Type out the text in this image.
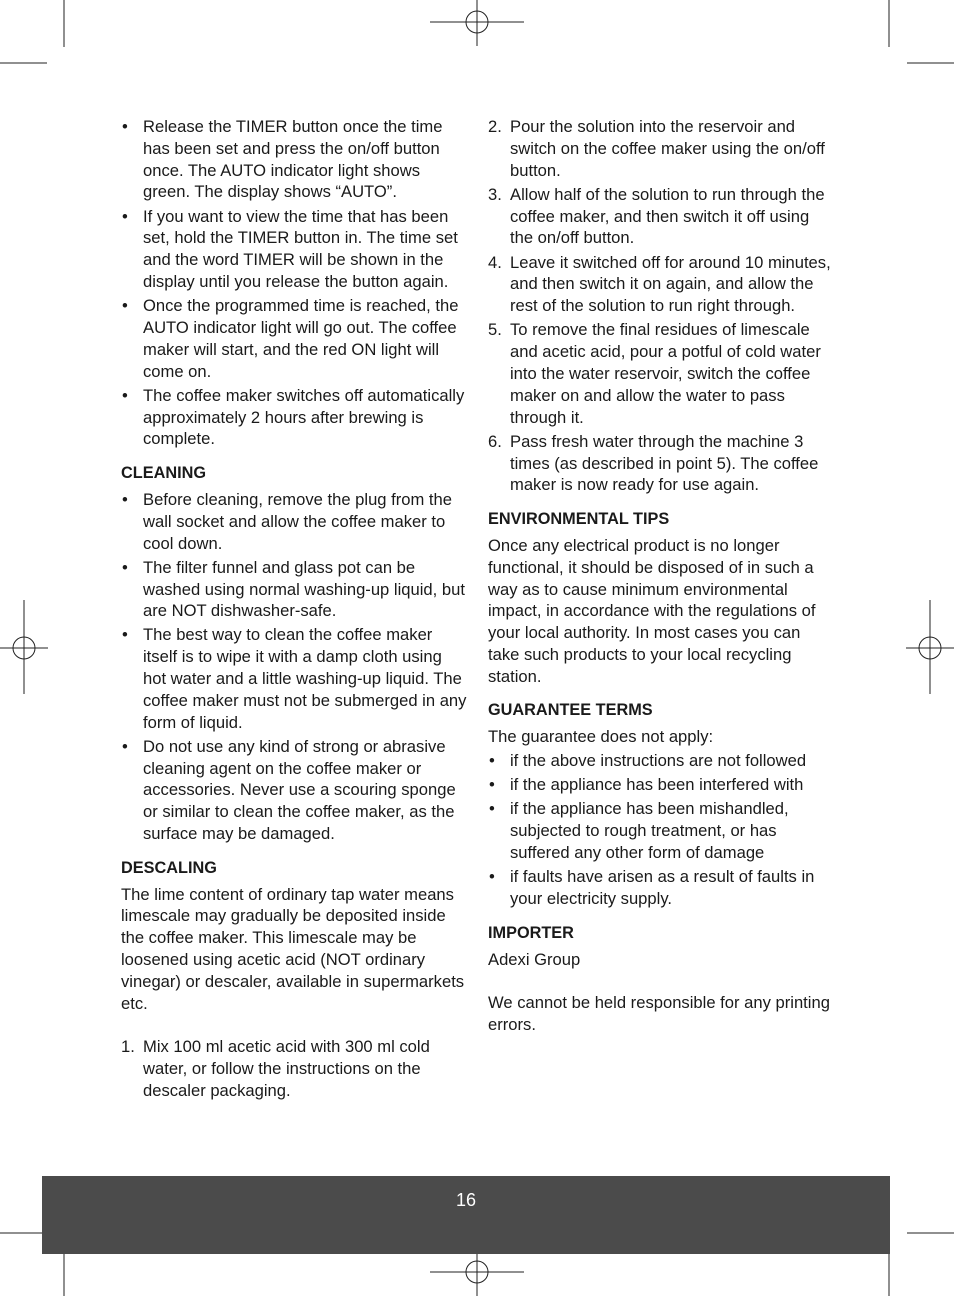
• Release the TIMER button once the time has been set and press the on/off button once. The AUTO indicator light shows green. The display shows “AUTO”.
• If you want to view the time that has been set, hold the TIMER button in. The time set and the word TIMER will be shown in the display until you release the button again.
• Once the programmed time is reached, the AUTO indicator light will go out. The coffee maker will start, and the red ON light will come on.
• The coffee maker switches off automatically approximately 2 hours after brewing is complete.
CLEANING
• Before cleaning, remove the plug from the wall socket and allow the coffee maker to cool down.
• The filter funnel and glass pot can be washed using normal washing-up liquid, but are NOT dishwasher-safe.
• The best way to clean the coffee maker itself is to wipe it with a damp cloth using hot water and a little washing-up liquid. The coffee maker must not be submerged in any form of liquid.
• Do not use any kind of strong or abrasive cleaning agent on the coffee maker or accessories. Never use a scouring sponge or similar to clean the coffee maker, as the surface may be damaged.
DESCALING

The lime content of ordinary tap water means limescale may gradually be deposited inside the coffee maker. This limescale may be loosened using acetic acid (NOT ordinary vinegar) or descaler, available in supermarkets etc.

1. Mix 100 ml acetic acid with 300 ml cold water, or follow the instructions on the descaler packaging.
2. Pour the solution into the reservoir and switch on the coffee maker using the on/off button.
3. Allow half of the solution to run through the coffee maker, and then switch it off using the on/off button.
4. Leave it switched off for around 10 minutes, and then switch it on again, and allow the rest of the solution to run right through.
5. To remove the final residues of limescale and acetic acid, pour a potful of cold water into the water reservoir, switch the coffee maker on and allow the water to pass through it.
6. Pass fresh water through the machine 3 times (as described in point 5). The coffee maker is now ready for use again.
ENVIRONMENTAL TIPS

Once any electrical product is no longer functional, it should be disposed of in such a way as to cause minimum environmental impact, in accordance with the regulations of your local authority. In most cases you can take such products to your local recycling station.

GUARANTEE TERMS

The guarantee does not apply:

• if the above instructions are not followed
• if the appliance has been interfered with
• if the appliance has been mishandled, subjected to rough treatment, or has suffered any other form of damage
• if faults have arisen as a result of faults in your electricity supply.
IMPORTER

Adexi Group

We cannot be held responsible for any printing errors.

16
